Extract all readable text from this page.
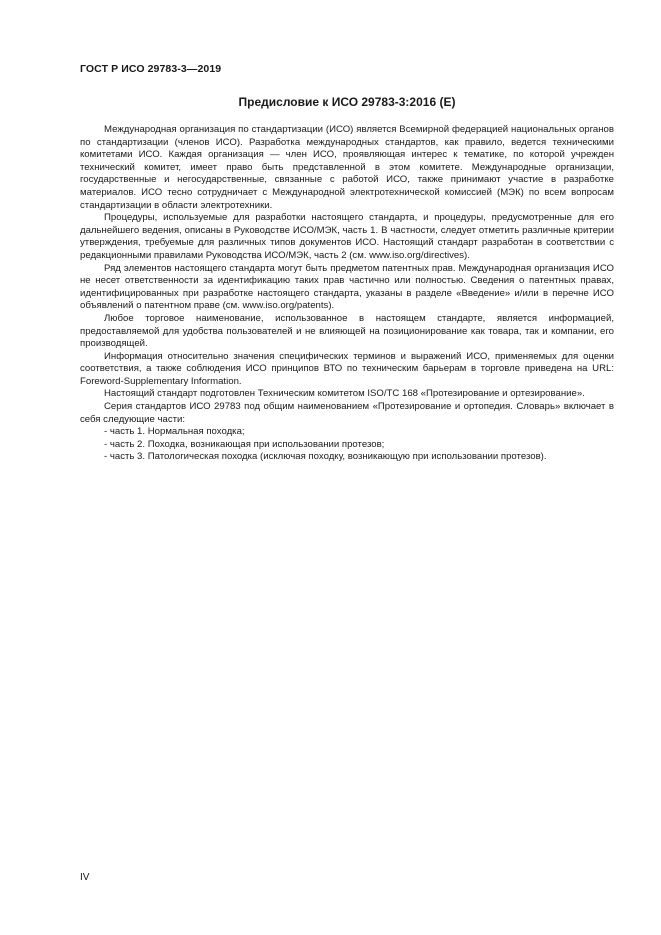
ГОСТ Р ИСО 29783-3—2019
Предисловие к ИСО 29783-3:2016 (Е)

Международная организация по стандартизации (ИСО) является Всемирной федерацией национальных органов по стандартизации (членов ИСО). Разработка международных стандартов, как правило, ведется техническими комитетами ИСО. Каждая организация — член ИСО, проявляющая интерес к тематике, по которой учрежден технический комитет, имеет право быть представленной в этом комитете. Международные организации, государственные и негосударственные, связанные с работой ИСО, также принимают участие в разработке материалов. ИСО тесно сотрудничает с Международной электротехнической комиссией (МЭК) по всем вопросам стандартизации в области электротехники.

Процедуры, используемые для разработки настоящего стандарта, и процедуры, предусмотренные для его дальнейшего ведения, описаны в Руководстве ИСО/МЭК, часть 1. В частности, следует отметить различные критерии утверждения, требуемые для различных типов документов ИСО. Настоящий стандарт разработан в соответствии с редакционными правилами Руководства ИСО/МЭК, часть 2 (см. www.iso.org/directives).

Ряд элементов настоящего стандарта могут быть предметом патентных прав. Международная организация ИСО не несет ответственности за идентификацию таких прав частично или полностью. Сведения о патентных правах, идентифицированных при разработке настоящего стандарта, указаны в разделе «Введение» и/или в перечне ИСО объявлений о патентном праве (см. www.iso.org/patents).

Любое торговое наименование, использованное в настоящем стандарте, является информацией, предоставляемой для удобства пользователей и не влияющей на позиционирование как товара, так и компании, его производящей.

Информация относительно значения специфических терминов и выражений ИСО, применяемых для оценки соответствия, а также соблюдения ИСО принципов ВТО по техническим барьерам в торговле приведена на URL: Foreword-Supplementary Information.

Настоящий стандарт подготовлен Техническим комитетом ISO/TC 168 «Протезирование и ортезирование».

Серия стандартов ИСО 29783 под общим наименованием «Протезирование и ортопедия. Словарь» включает в себя следующие части:

- часть 1. Нормальная походка;

- часть 2. Походка, возникающая при использовании протезов;

- часть 3. Патологическая походка (исключая походку, возникающую при использовании протезов).

IV
